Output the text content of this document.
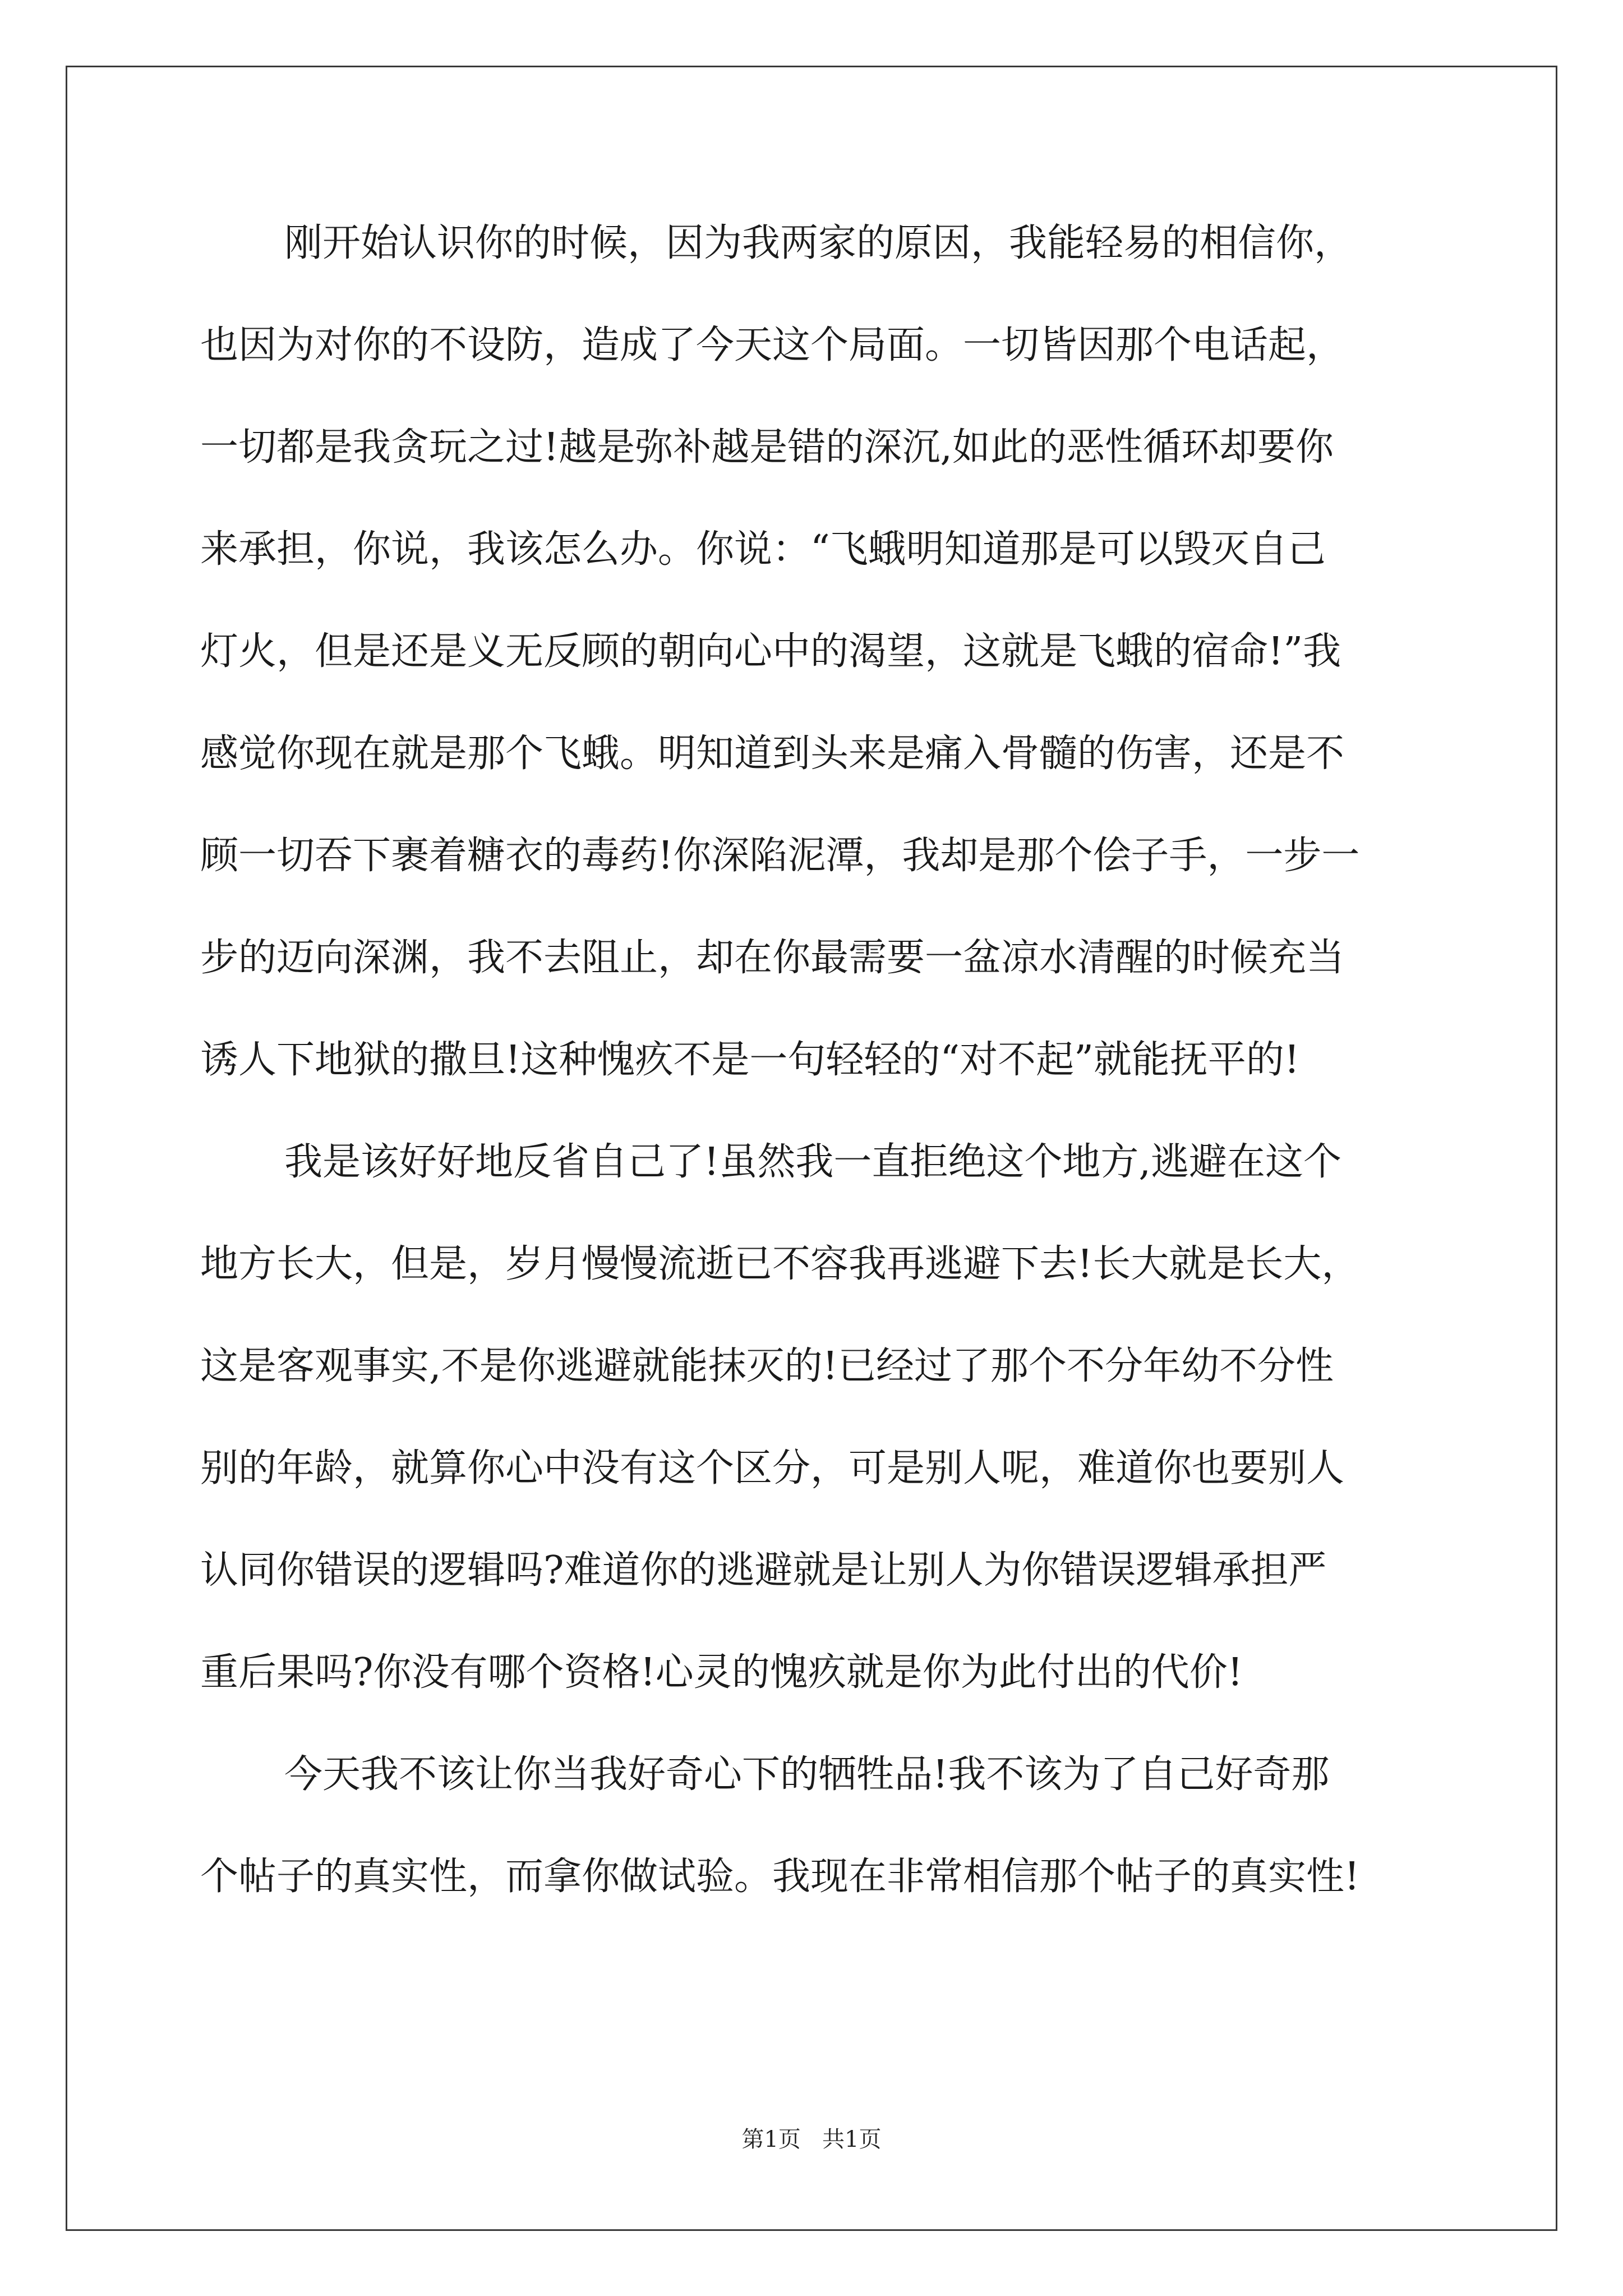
刚开始认识你的时候，因为我两家的原因，我能轻易的相信你，
也因为对你的不设防，造成了今天这个局面。一切皆因那个电话起，
一切都是我贪玩之过!越是弥补越是错的深沉,如此的恶性循环却要你
来承担，你说，我该怎么办。你说：“飞蛾明知道那是可以毁灭自己
灯火，但是还是义无反顾的朝向心中的渴望，这就是飞蛾的宿命!”我
感觉你现在就是那个飞蛾。明知道到头来是痛入骨髓的伤害，还是不
顾一切吞下裹着糖衣的毒药!你深陷泥潭，我却是那个侩子手，一步一
步的迈向深渊，我不去阻止，却在你最需要一盆凉水清醒的时候充当
诱人下地狱的撒旦!这种愧疚不是一句轻轻的“对不起”就能抚平的!
我是该好好地反省自己了!虽然我一直拒绝这个地方,逃避在这个
地方长大，但是，岁月慢慢流逝已不容我再逃避下去!长大就是长大，
这是客观事实,不是你逃避就能抹灭的!已经过了那个不分年幼不分性
别的年龄，就算你心中没有这个区分，可是别人呢，难道你也要别人
认同你错误的逻辑吗?难道你的逃避就是让别人为你错误逻辑承担严
重后果吗?你没有哪个资格!心灵的愧疚就是你为此付出的代价!
今天我不该让你当我好奇心下的牺牲品!我不该为了自己好奇那
个帖子的真实性，而拿你做试验。我现在非常相信那个帖子的真实性!
第1页   共1页
